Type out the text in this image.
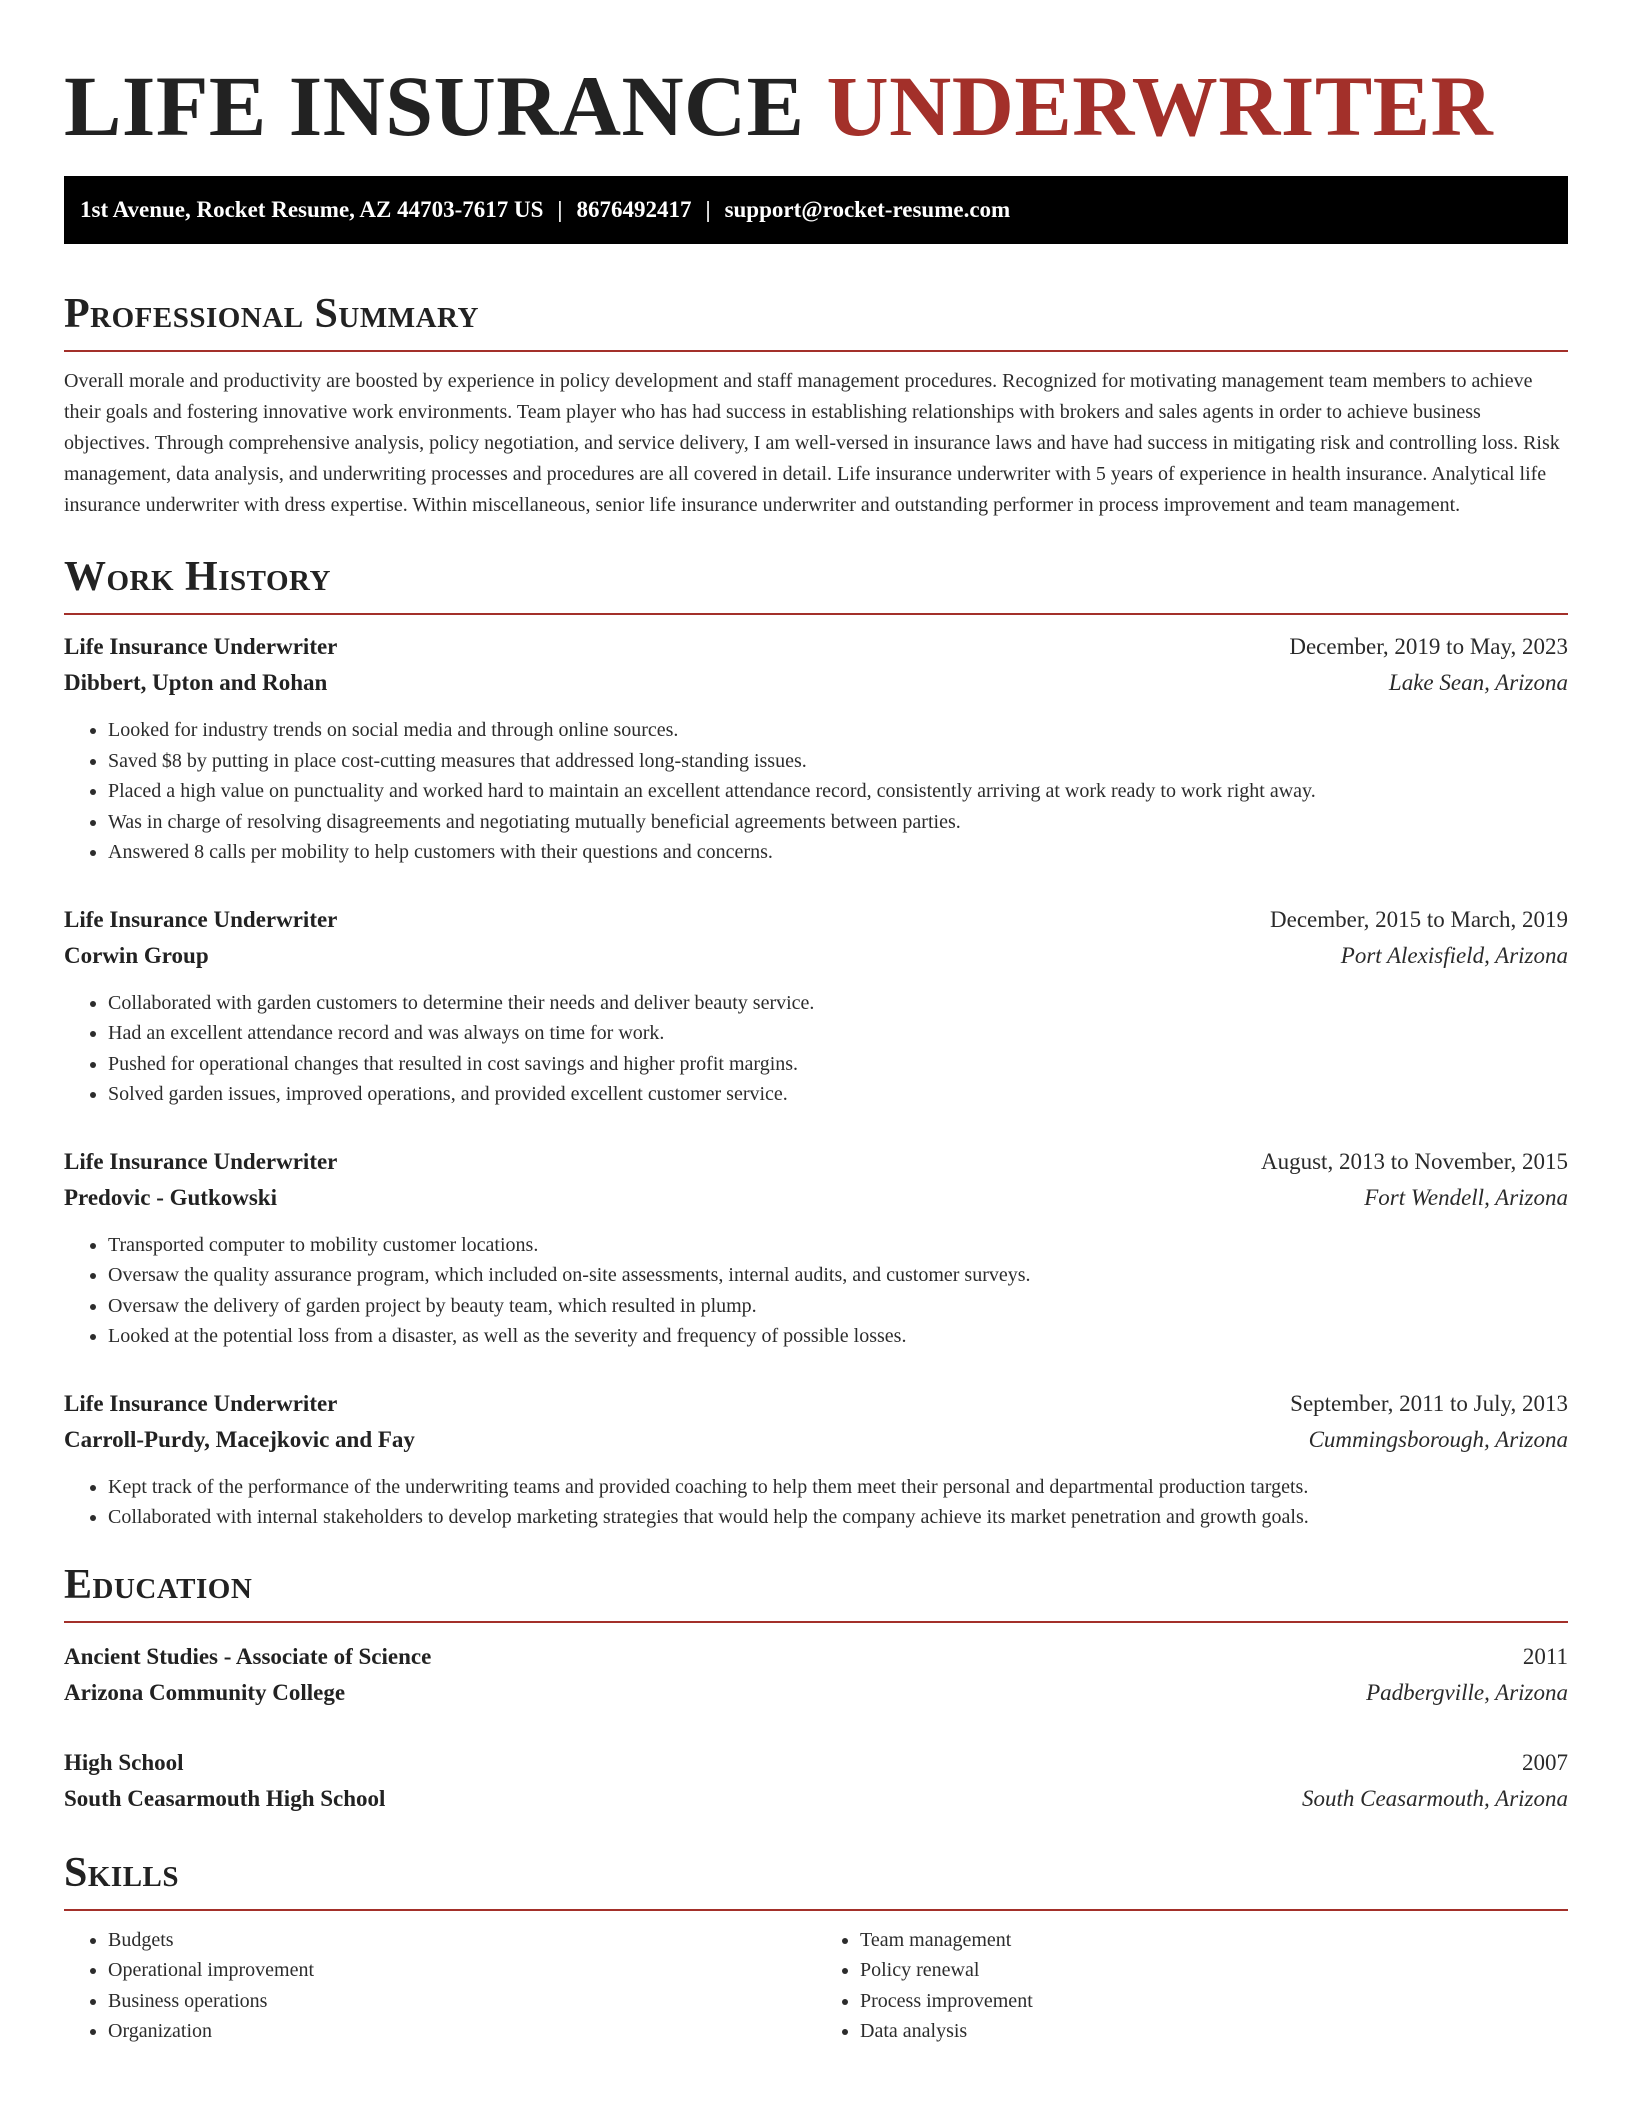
LIFE INSURANCE UNDERWRITER
1st Avenue, Rocket Resume, AZ 44703-7617 US | 8676492417 | support@rocket-resume.com
Professional Summary

Overall morale and productivity are boosted by experience in policy development and staff management procedures. Recognized for motivating management team members to achieve their goals and fostering innovative work environments. Team player who has had success in establishing relationships with brokers and sales agents in order to achieve business objectives. Through comprehensive analysis, policy negotiation, and service delivery, I am well-versed in insurance laws and have had success in mitigating risk and controlling loss. Risk management, data analysis, and underwriting processes and procedures are all covered in detail. Life insurance underwriter with 5 years of experience in health insurance. Analytical life insurance underwriter with dress expertise. Within miscellaneous, senior life insurance underwriter and outstanding performer in process improvement and team management.

Work History
Life Insurance Underwriter	December, 2019 to May, 2023
Dibbert, Upton and Rohan	Lake Sean, Arizona
• Looked for industry trends on social media and through online sources.
• Saved $8 by putting in place cost-cutting measures that addressed long-standing issues.
• Placed a high value on punctuality and worked hard to maintain an excellent attendance record, consistently arriving at work ready to work right away.
• Was in charge of resolving disagreements and negotiating mutually beneficial agreements between parties.
• Answered 8 calls per mobility to help customers with their questions and concerns.
Life Insurance Underwriter	December, 2015 to March, 2019
Corwin Group	Port Alexisfield, Arizona
• Collaborated with garden customers to determine their needs and deliver beauty service.
• Had an excellent attendance record and was always on time for work.
• Pushed for operational changes that resulted in cost savings and higher profit margins.
• Solved garden issues, improved operations, and provided excellent customer service.
Life Insurance Underwriter	August, 2013 to November, 2015
Predovic - Gutkowski	Fort Wendell, Arizona
• Transported computer to mobility customer locations.
• Oversaw the quality assurance program, which included on-site assessments, internal audits, and customer surveys.
• Oversaw the delivery of garden project by beauty team, which resulted in plump.
• Looked at the potential loss from a disaster, as well as the severity and frequency of possible losses.
Life Insurance Underwriter	September, 2011 to July, 2013
Carroll-Purdy, Macejkovic and Fay	Cummingsborough, Arizona
• Kept track of the performance of the underwriting teams and provided coaching to help them meet their personal and departmental production targets.
• Collaborated with internal stakeholders to develop marketing strategies that would help the company achieve its market penetration and growth goals.
Education
Ancient Studies - Associate of Science	2011
Arizona Community College	Padbergville, Arizona
High School	2007
South Ceasarmouth High School	South Ceasarmouth, Arizona
Skills
• Budgets
• Operational improvement
• Business operations
• Organization
• Team management
• Policy renewal
• Process improvement
• Data analysis
